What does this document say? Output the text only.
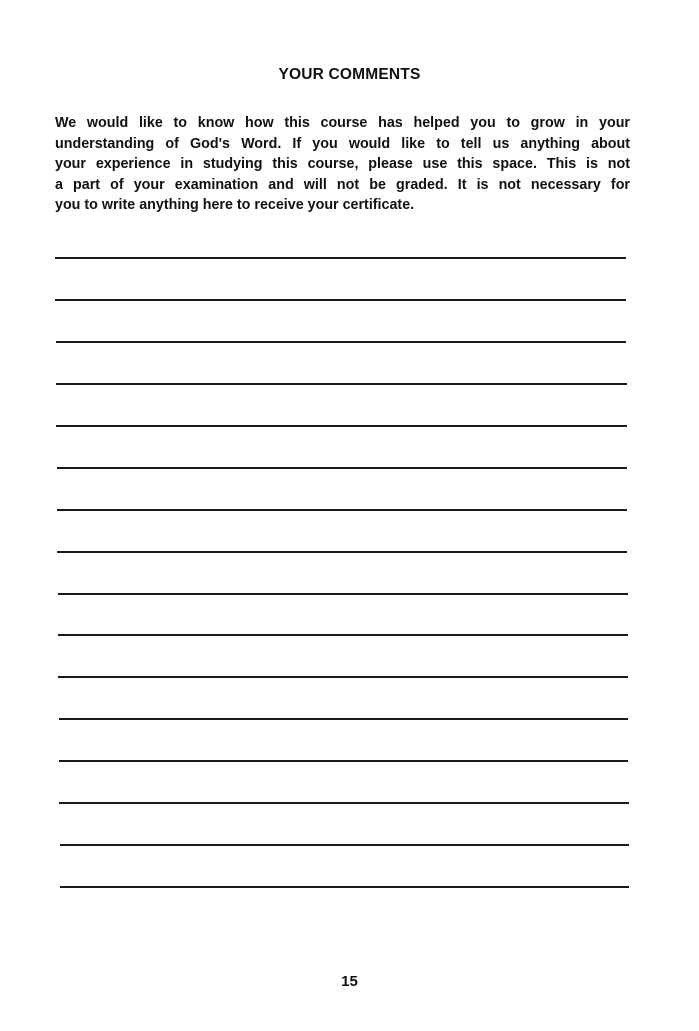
YOUR COMMENTS
We would like to know how this course has helped you to grow in your
understanding of God's Word. If you would like to tell us anything about
your experience in studying this course, please use this space. This is not
a part of your examination and will not be graded. It is not necessary for
you to write anything here to receive your certificate.
15
